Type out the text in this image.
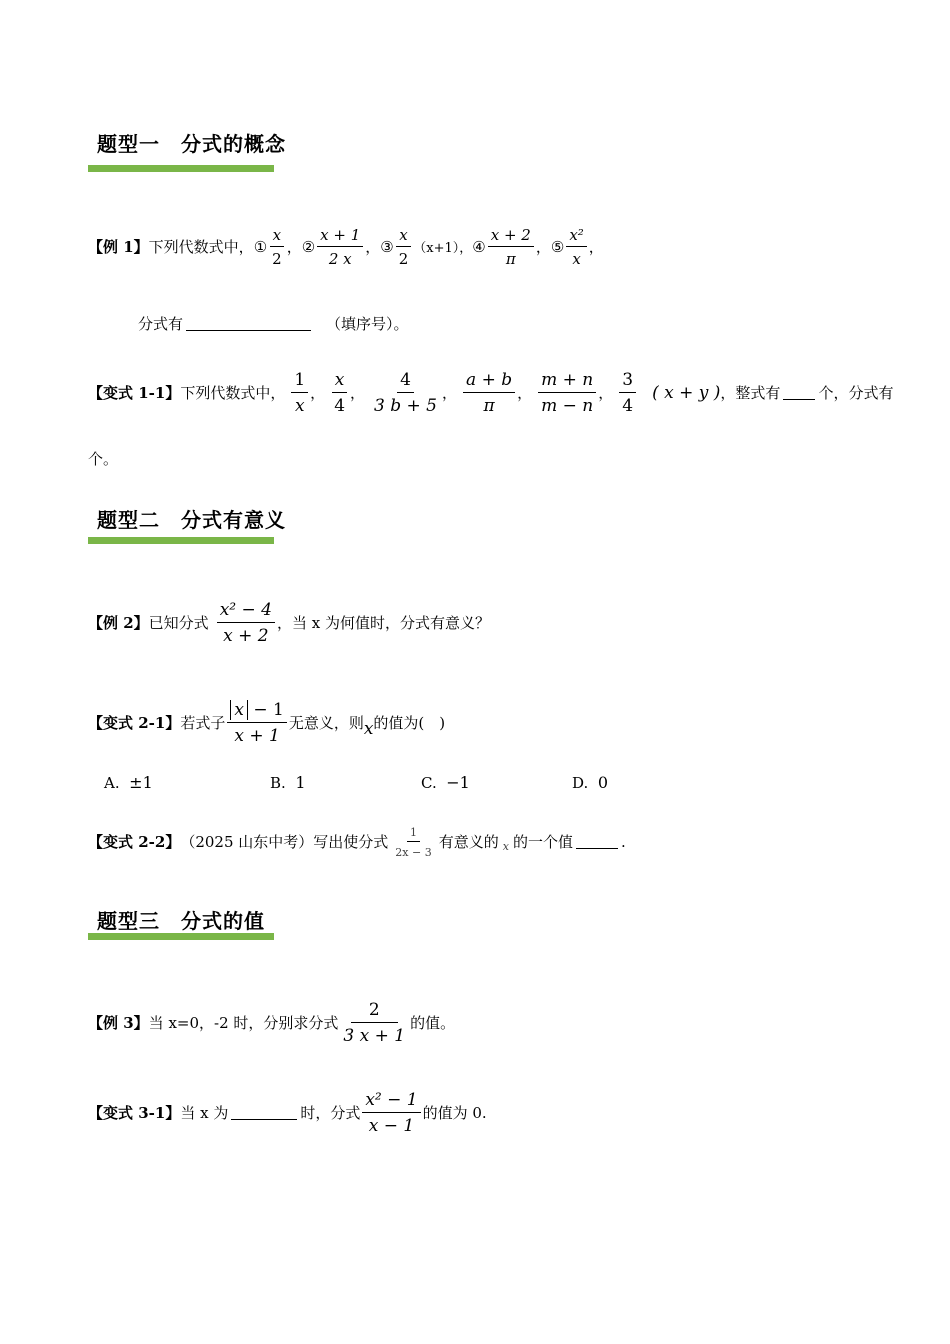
题型一　分式的概念
【例 1】 下列代数式中， ① $\frac{x}{2}$ ， ② $\frac{x + 1}{2 x}$ ， ③ $\frac{x}{2} (x+1)$， ④ $\frac{x + 2}{\pi}$ ， ⑤ $\frac{\text{x²}}{x}$ ，
分式有	（填序号）。
【变式 1-1】 下列代数式中， $\frac{1}{x}$ ， $\frac{x}{4}$ ， $\frac{4}{3 b + 5}$ ， $\frac{a + b}{\pi}$ ， $\frac{m + n}{m - n}$ ， $\frac{3}{4}$ ( x + y ) ，整式有	个，分式有
个。
题型二　分式有意义
【例 2】 已知分式 $\frac{\text{x² − 4}}{x + 2}$ ，当 x 为何值时，分式有意义？
【变式 2-1】 若式子 $\frac{x - 1}{x + 1}$ 无意义，则 x 的值为(　)
A. ±1	B. 1	C. −1	D. 0
【变式 2-2】 （2025 山东中考）写出使分式 $\frac{1}{2x - 3}$ 有意义的 x 的一个值	.
题型三　分式的值
【例 3】 当 x=0，-2 时，分别求分式 $\frac{2}{3 x + 1}$ 的值。
【变式 3-1】 当 x 为	时，分式 $\frac{\text{x² − 1}}{x - 1}$ 的值为 0.
